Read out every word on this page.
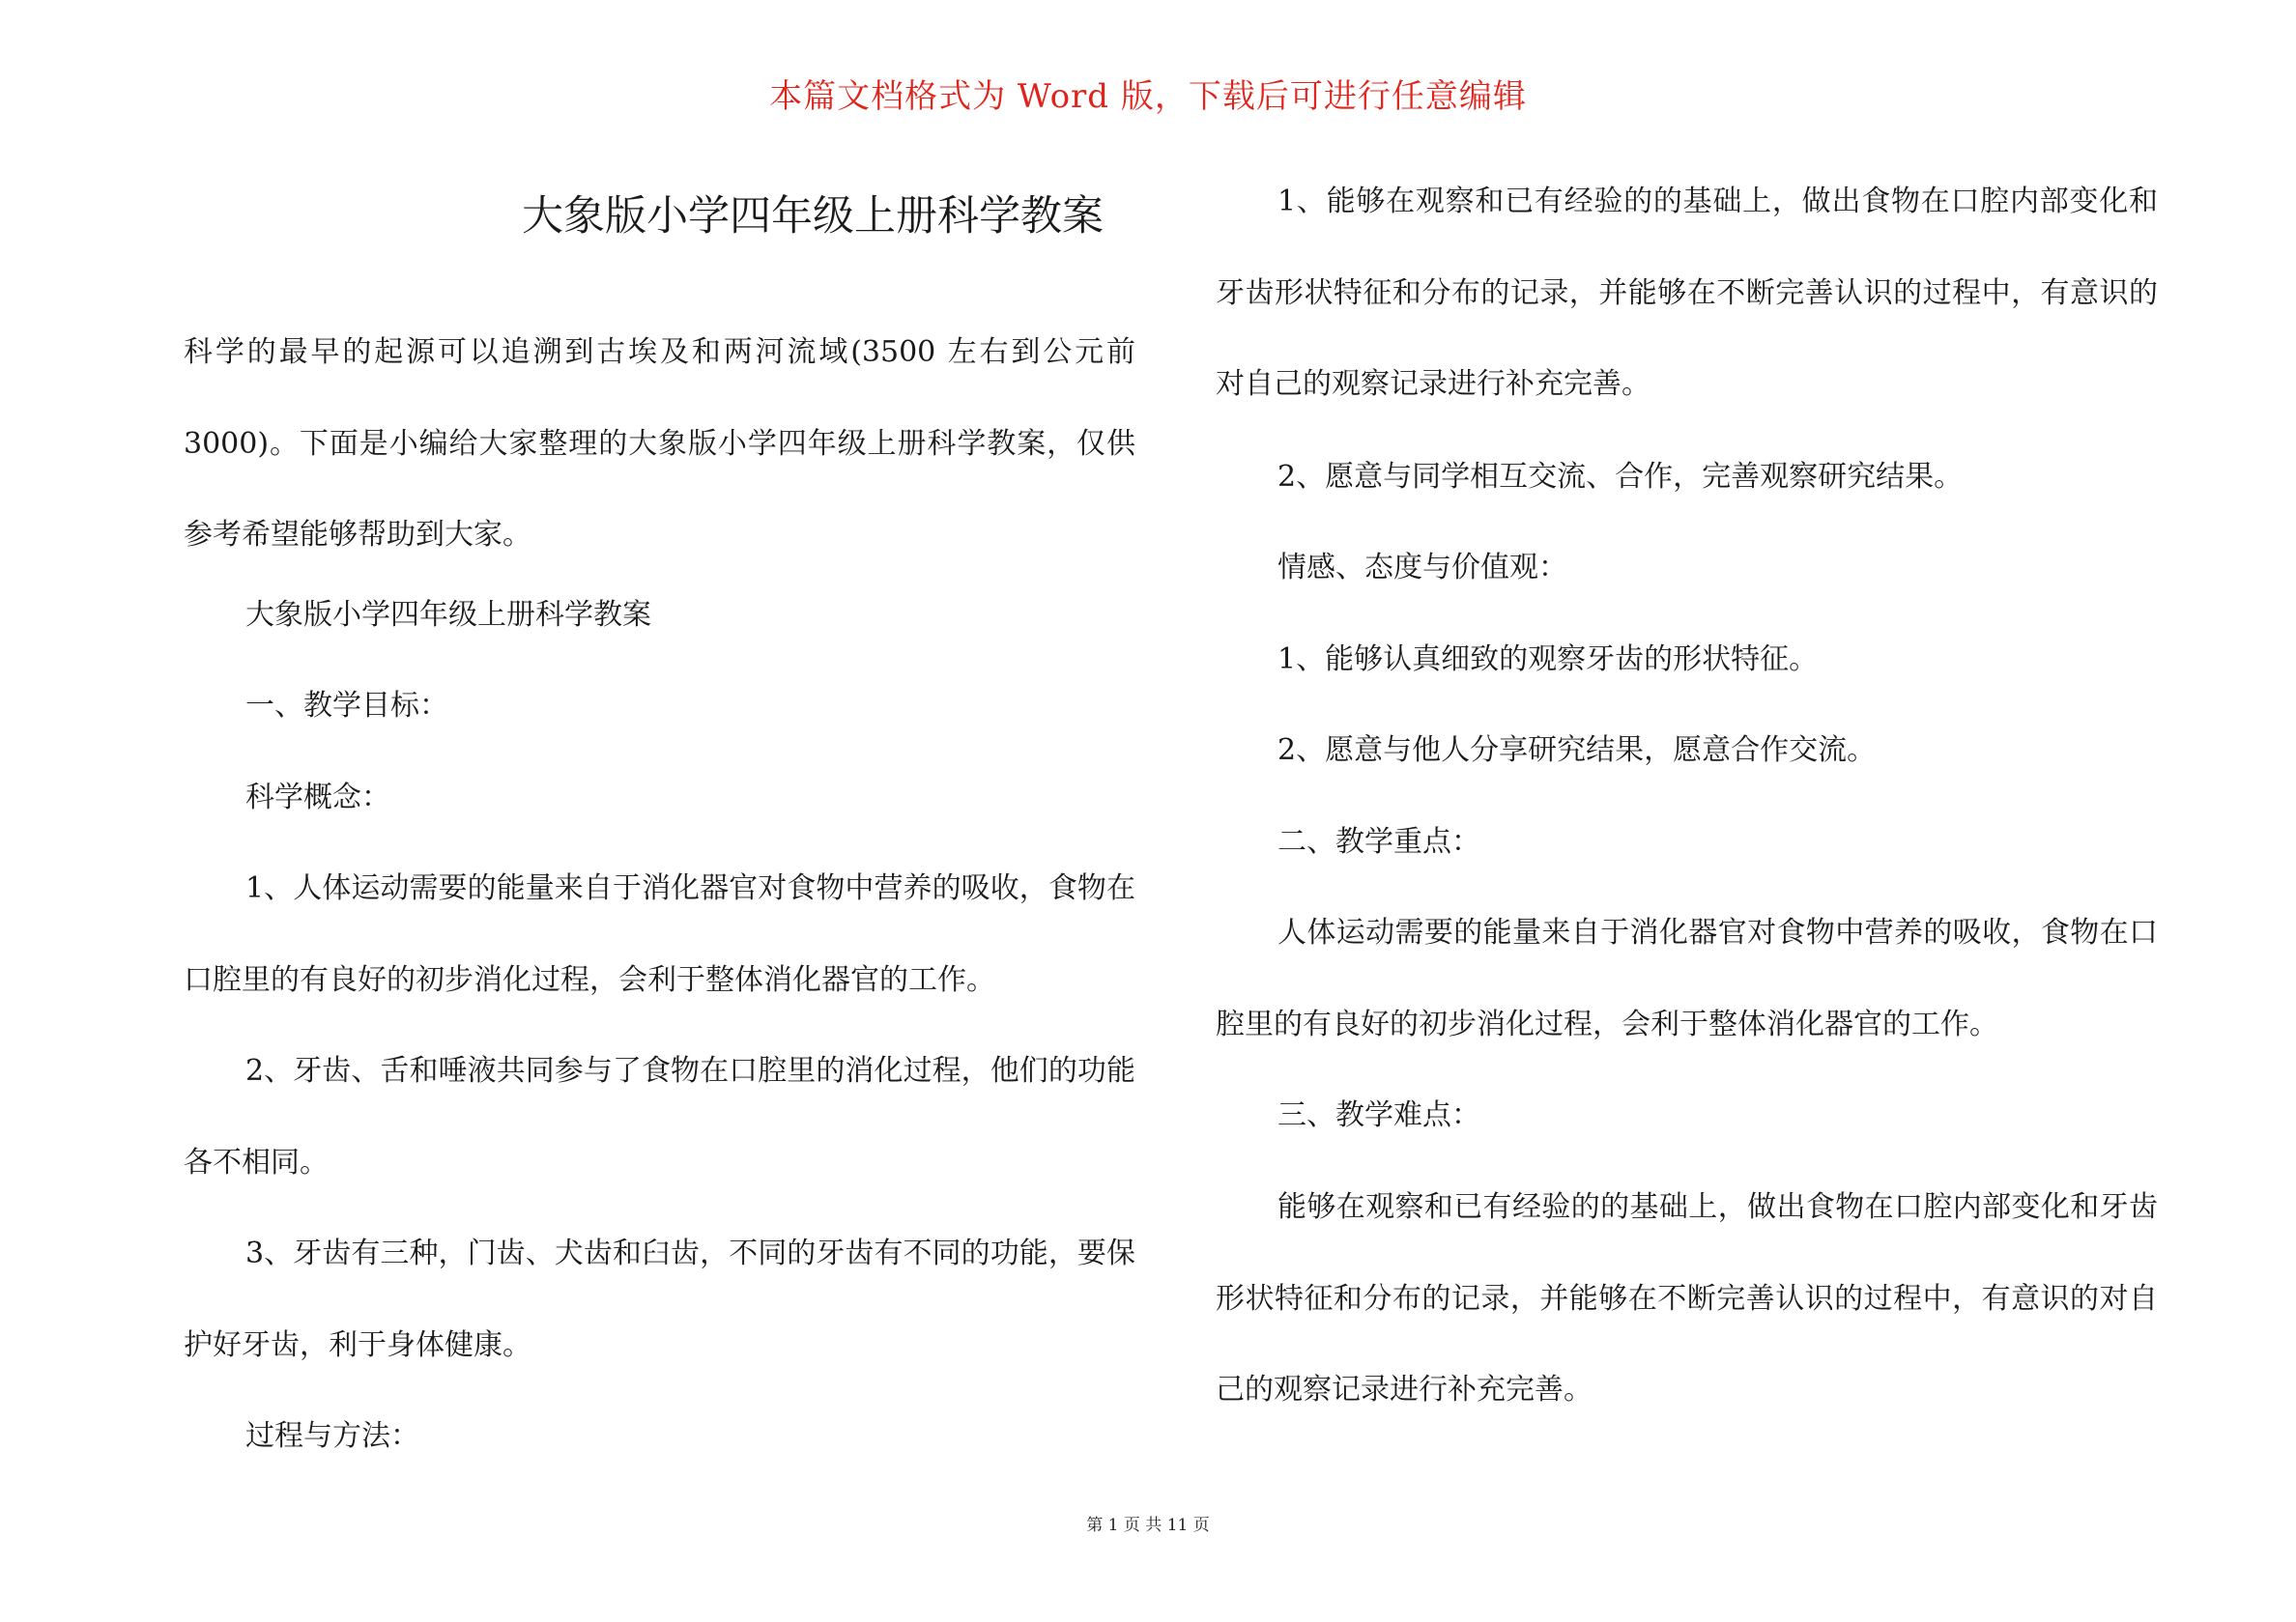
本篇文档格式为 Word 版，下载后可进行任意编辑
大象版小学四年级上册科学教案
科学的最早的起源可以追溯到古埃及和两河流域(3500 左右到公元前 3000)。下面是小编给大家整理的大象版小学四年级上册科学教案，仅供参考希望能够帮助到大家。
大象版小学四年级上册科学教案
一、教学目标：
科学概念：
1、人体运动需要的能量来自于消化器官对食物中营养的吸收，食物在口腔里的有良好的初步消化过程，会利于整体消化器官的工作。
2、牙齿、舌和唾液共同参与了食物在口腔里的消化过程，他们的功能各不相同。
3、牙齿有三种，门齿、犬齿和臼齿，不同的牙齿有不同的功能，要保护好牙齿，利于身体健康。
过程与方法：
1、能够在观察和已有经验的的基础上，做出食物在口腔内部变化和牙齿形状特征和分布的记录，并能够在不断完善认识的过程中，有意识的对自己的观察记录进行补充完善。
2、愿意与同学相互交流、合作，完善观察研究结果。
情感、态度与价值观：
1、能够认真细致的观察牙齿的形状特征。
2、愿意与他人分享研究结果，愿意合作交流。
二、教学重点：
人体运动需要的能量来自于消化器官对食物中营养的吸收，食物在口腔里的有良好的初步消化过程，会利于整体消化器官的工作。
三、教学难点：
能够在观察和已有经验的的基础上，做出食物在口腔内部变化和牙齿形状特征和分布的记录，并能够在不断完善认识的过程中，有意识的对自己的观察记录进行补充完善。
第 1 页 共 11 页
